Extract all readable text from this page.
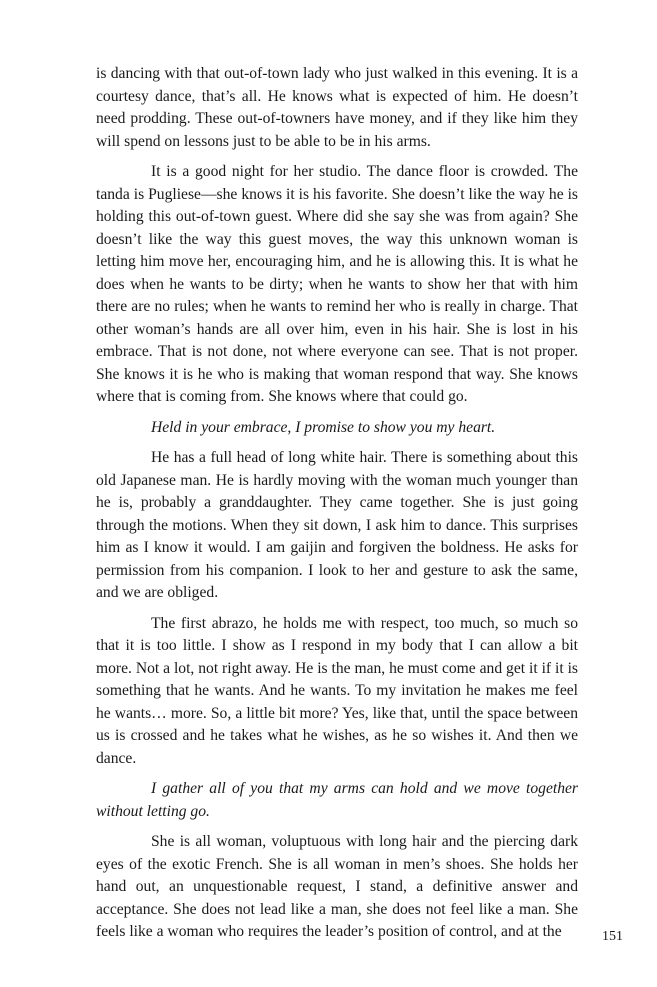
is dancing with that out-of-town lady who just walked in this evening. It is a courtesy dance, that’s all. He knows what is expected of him. He doesn’t need prodding. These out-of-towners have money, and if they like him they will spend on lessons just to be able to be in his arms.

It is a good night for her studio. The dance floor is crowded. The tanda is Pugliese—she knows it is his favorite. She doesn’t like the way he is holding this out-of-town guest. Where did she say she was from again? She doesn’t like the way this guest moves, the way this unknown woman is letting him move her, encouraging him, and he is allowing this. It is what he does when he wants to be dirty; when he wants to show her that with him there are no rules; when he wants to remind her who is really in charge. That other woman’s hands are all over him, even in his hair. She is lost in his embrace. That is not done, not where everyone can see. That is not proper. She knows it is he who is making that woman respond that way. She knows where that is coming from. She knows where that could go.

Held in your embrace, I promise to show you my heart.

He has a full head of long white hair. There is something about this old Japanese man. He is hardly moving with the woman much younger than he is, probably a granddaughter. They came together. She is just going through the motions. When they sit down, I ask him to dance. This surprises him as I know it would. I am gaijin and forgiven the boldness. He asks for permission from his companion. I look to her and gesture to ask the same, and we are obliged.

The first abrazo, he holds me with respect, too much, so much so that it is too little. I show as I respond in my body that I can allow a bit more. Not a lot, not right away. He is the man, he must come and get it if it is something that he wants. And he wants. To my invitation he makes me feel he wants… more. So, a little bit more? Yes, like that, until the space between us is crossed and he takes what he wishes, as he so wishes it. And then we dance.

I gather all of you that my arms can hold and we move together without letting go.

She is all woman, voluptuous with long hair and the piercing dark eyes of the exotic French. She is all woman in men’s shoes. She holds her hand out, an unquestionable request, I stand, a definitive answer and acceptance. She does not lead like a man, she does not feel like a man. She feels like a woman who requires the leader’s position of control, and at the	151
